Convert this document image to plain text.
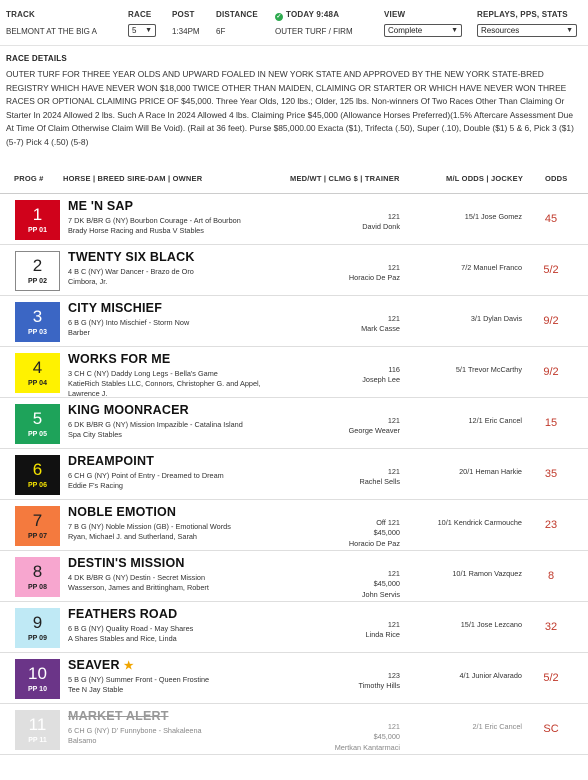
TRACK
BELMONT AT THE BIG A
RACE
5 ▼
POST
1:34PM
DISTANCE
6F
✓ TODAY 9:48A
OUTER TURF / FIRM
VIEW
Complete	▼
REPLAYS, PPS, STATS
Resources	▼
RACE DETAILS
OUTER TURF FOR THREE YEAR OLDS AND UPWARD FOALED IN NEW YORK STATE AND APPROVED BY THE NEW YORK STATE-BRED REGISTRY WHICH HAVE NEVER WON $18,000 TWICE OTHER THAN MAIDEN, CLAIMING OR STARTER OR WHICH HAVE NEVER WON THREE RACES OR OPTIONAL CLAIMING PRICE OF $45,000. Three Year Olds, 120 lbs.; Older, 125 lbs. Non-winners Of Two Races Other Than Claiming Or Starter In 2024 Allowed 2 lbs. Such A Race In 2024 Allowed 4 lbs. Claiming Price $45,000 (Allowance Horses Preferred)(1.5% Aftercare Assessment Due At Time Of Claim Otherwise Claim Will Be Void). (Rail at 36 feet). Purse $85,000.00 Exacta ($1), Trifecta (.50), Super (.10), Double ($1) 5 & 6, Pick 3 ($1) (5-7) Pick 4 (.50) (5-8)
PROG #	HORSE | BREED SIRE-DAM | OWNER	MED/WT | CLMG $ | TRAINER	M/L ODDS | JOCKEY	ODDS
1
PP 01
ME 'N SAP
7 DK B/BR G (NY) Bourbon Courage - Art of Bourbon
Brady Horse Racing and Rusba V Stables
121
David Donk
15/1 Jose Gomez	45
2
PP 02
TWENTY SIX BLACK
4 B C (NY) War Dancer - Brazo de Oro
Cimbora, Jr.
121
Horacio De Paz
7/2 Manuel Franco	5/2
3
PP 03
CITY MISCHIEF
6 B G (NY) Into Mischief - Storm Now
Barber
121
Mark Casse
3/1 Dylan Davis	9/2
4
PP 04
WORKS FOR ME
3 CH C (NY) Daddy Long Legs - Bella's Game
KatieRich Stables LLC, Connors, Christopher G. and Appel, Lawrence J.
116
Joseph Lee
5/1 Trevor McCarthy	9/2
5
PP 05
KING MOONRACER
6 DK B/BR G (NY) Mission Impazible - Catalina Island
Spa City Stables
121
George Weaver
12/1 Eric Cancel	15
6
PP 06
DREAMPOINT
6 CH G (NY) Point of Entry - Dreamed to Dream
Eddie F's Racing
121
Rachel Sells
20/1 Heman Harkie	35
7
PP 07
NOBLE EMOTION
7 B G (NY) Noble Mission (GB) - Emotional Words
Ryan, Michael J. and Sutherland, Sarah
Off 121
$45,000
Horacio De Paz
10/1 Kendrick Carmouche	23
8
PP 08
DESTIN'S MISSION
4 DK B/BR G (NY) Destin - Secret Mission
Wasserson, James and Brittingham, Robert
121
$45,000
John Servis
10/1 Ramon Vazquez	8
9
PP 09
FEATHERS ROAD
6 B G (NY) Quality Road - May Shares
A Shares Stables and Rice, Linda
121
Linda Rice
15/1 Jose Lezcano	32
10
PP 10
SEAVER ★
5 B G (NY) Summer Front - Queen Frostine
Tee N Jay Stable
123
Timothy Hills
4/1 Junior Alvarado	5/2
11
PP 11
MARKET ALERT
6 CH G (NY) D' Funnybone - Shakaleena
Balsamo
121
$45,000
Mertkan Kantarmaci
2/1 Eric Cancel	SC
